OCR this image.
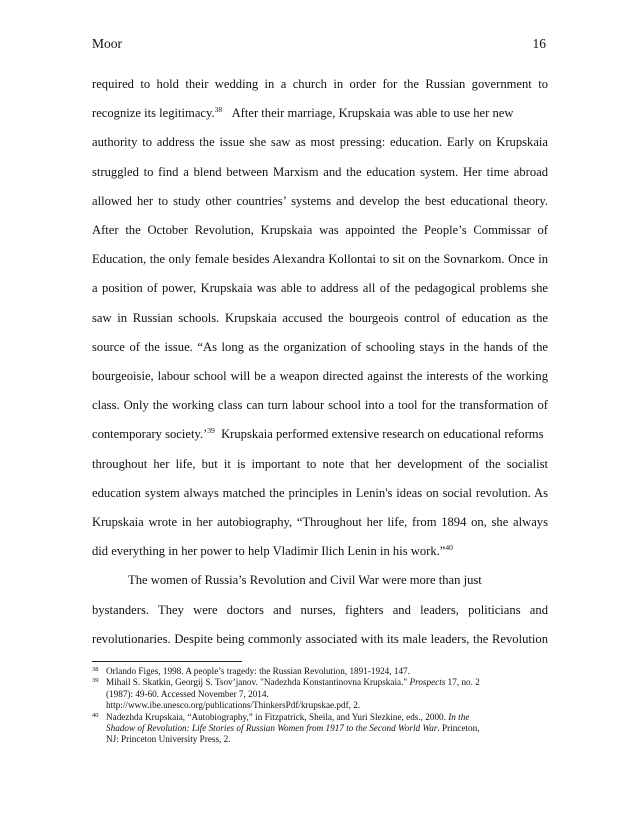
Moor	16
required to hold their wedding in a church in order for the Russian government to
recognize its legitimacy.$^{38}$ After their marriage, Krupskaia was able to use her new
authority to address the issue she saw as most pressing: education. Early on Krupskaia
struggled to find a blend between Marxism and the education system. Her time abroad
allowed her to study other countries’ systems and develop the best educational theory.
After the October Revolution, Krupskaia was appointed the People’s Commissar of
Education, the only female besides Alexandra Kollontai to sit on the Sovnarkom. Once in
a position of power, Krupskaia was able to address all of the pedagogical problems she
saw in Russian schools. Krupskaia accused the bourgeois control of education as the
source of the issue. “As long as the organization of schooling stays in the hands of the
bourgeoisie, labour school will be a weapon directed against the interests of the working
class. Only the working class can turn labour school into a tool for the transformation of
contemporary society.’$^{39}$ Krupskaia performed extensive research on educational reforms
throughout her life, but it is important to note that her development of the socialist
education system always matched the principles in Lenin's ideas on social revolution. As
Krupskaia wrote in her autobiography, “Throughout her life, from 1894 on, she always
did everything in her power to help Vladimir Ilich Lenin in his work.”$^{40}$
The women of Russia’s Revolution and Civil War were more than just
bystanders. They were doctors and nurses, fighters and leaders, politicians and
revolutionaries. Despite being commonly associated with its male leaders, the Revolution
38 Orlando Figes, 1998. A people’s tragedy: the Russian Revolution, 1891-1924, 147.
39 Mihail S. Skatkin, Georgij S. Tsov’janov. "Nadezhda Konstantinovna Krupskaia." Prospects 17, no. 2
(1987): 49-60. Accessed November 7, 2014.
http://www.ibe.unesco.org/publications/ThinkersPdf/krupskae.pdf, 2.
40 Nadezhda Krupskaia, “Autobiography,” in Fitzpatrick, Sheila, and Yuri Slezkine, eds., 2000. In the
Shadow of Revolution: Life Stories of Russian Women from 1917 to the Second World War. Princeton,
NJ: Princeton University Press, 2.
